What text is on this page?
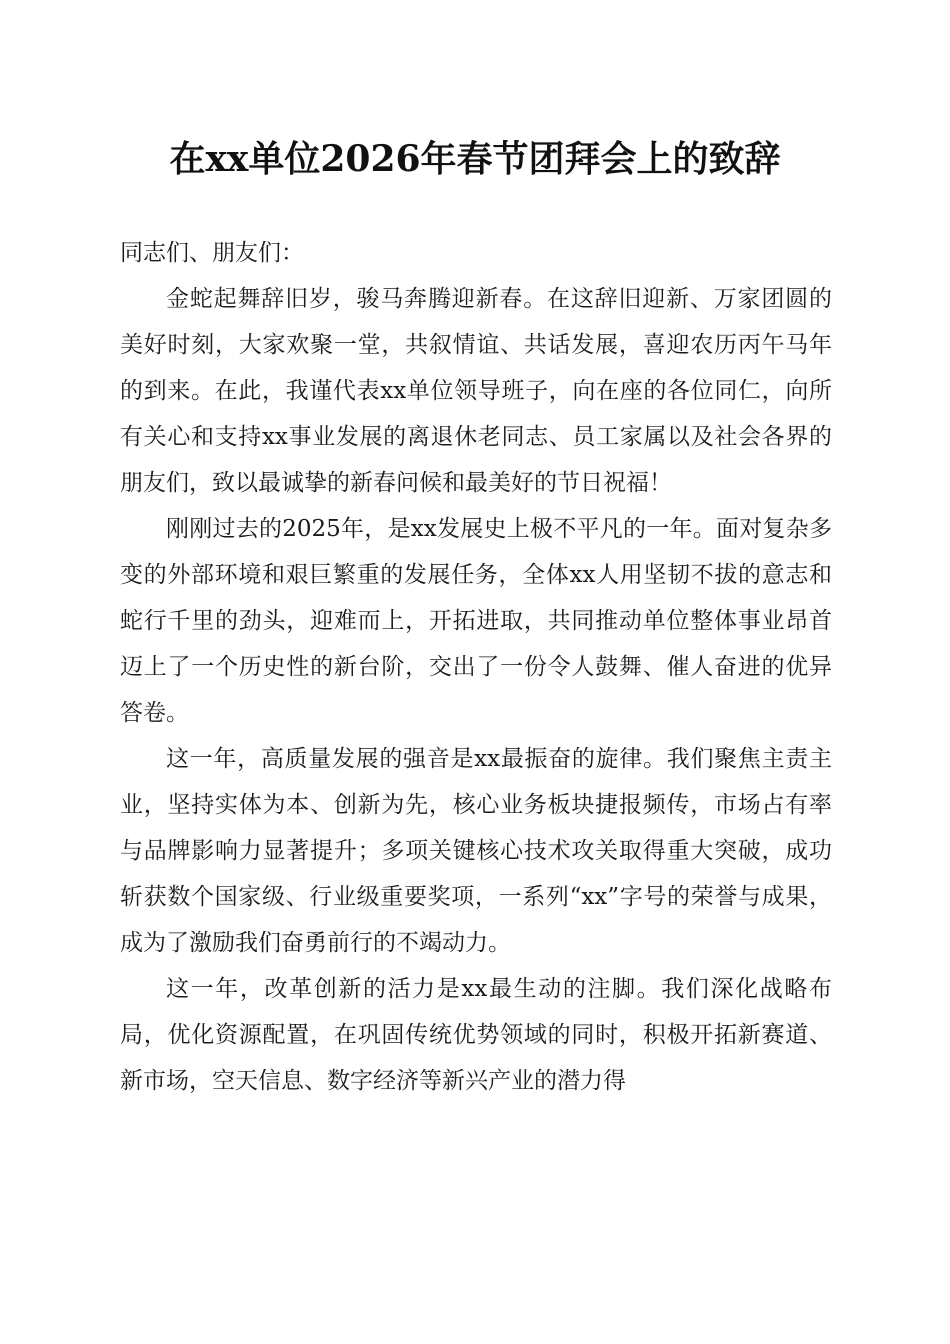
在xx单位2026年春节团拜会上的致辞

同志们、朋友们：

金蛇起舞辞旧岁，骏马奔腾迎新春。在这辞旧迎新、万家团圆的美好时刻，大家欢聚一堂，共叙情谊、共话发展，喜迎农历丙午马年的到来。在此，我谨代表xx单位领导班子，向在座的各位同仁，向所有关心和支持xx事业发展的离退休老同志、员工家属以及社会各界的朋友们，致以最诚挚的新春问候和最美好的节日祝福！

刚刚过去的2025年，是xx发展史上极不平凡的一年。面对复杂多变的外部环境和艰巨繁重的发展任务，全体xx人用坚韧不拔的意志和蛇行千里的劲头，迎难而上，开拓进取，共同推动单位整体事业昂首迈上了一个历史性的新台阶，交出了一份令人鼓舞、催人奋进的优异答卷。

这一年，高质量发展的强音是xx最振奋的旋律。我们聚焦主责主业，坚持实体为本、创新为先，核心业务板块捷报频传，市场占有率与品牌影响力显著提升；多项关键核心技术攻关取得重大突破，成功斩获数个国家级、行业级重要奖项，一系列“xx”字号的荣誉与成果，成为了激励我们奋勇前行的不竭动力。

这一年，改革创新的活力是xx最生动的注脚。我们深化战略布局，优化资源配置，在巩固传统优势领域的同时，积极开拓新赛道、新市场，空天信息、数字经济等新兴产业的潜力得
